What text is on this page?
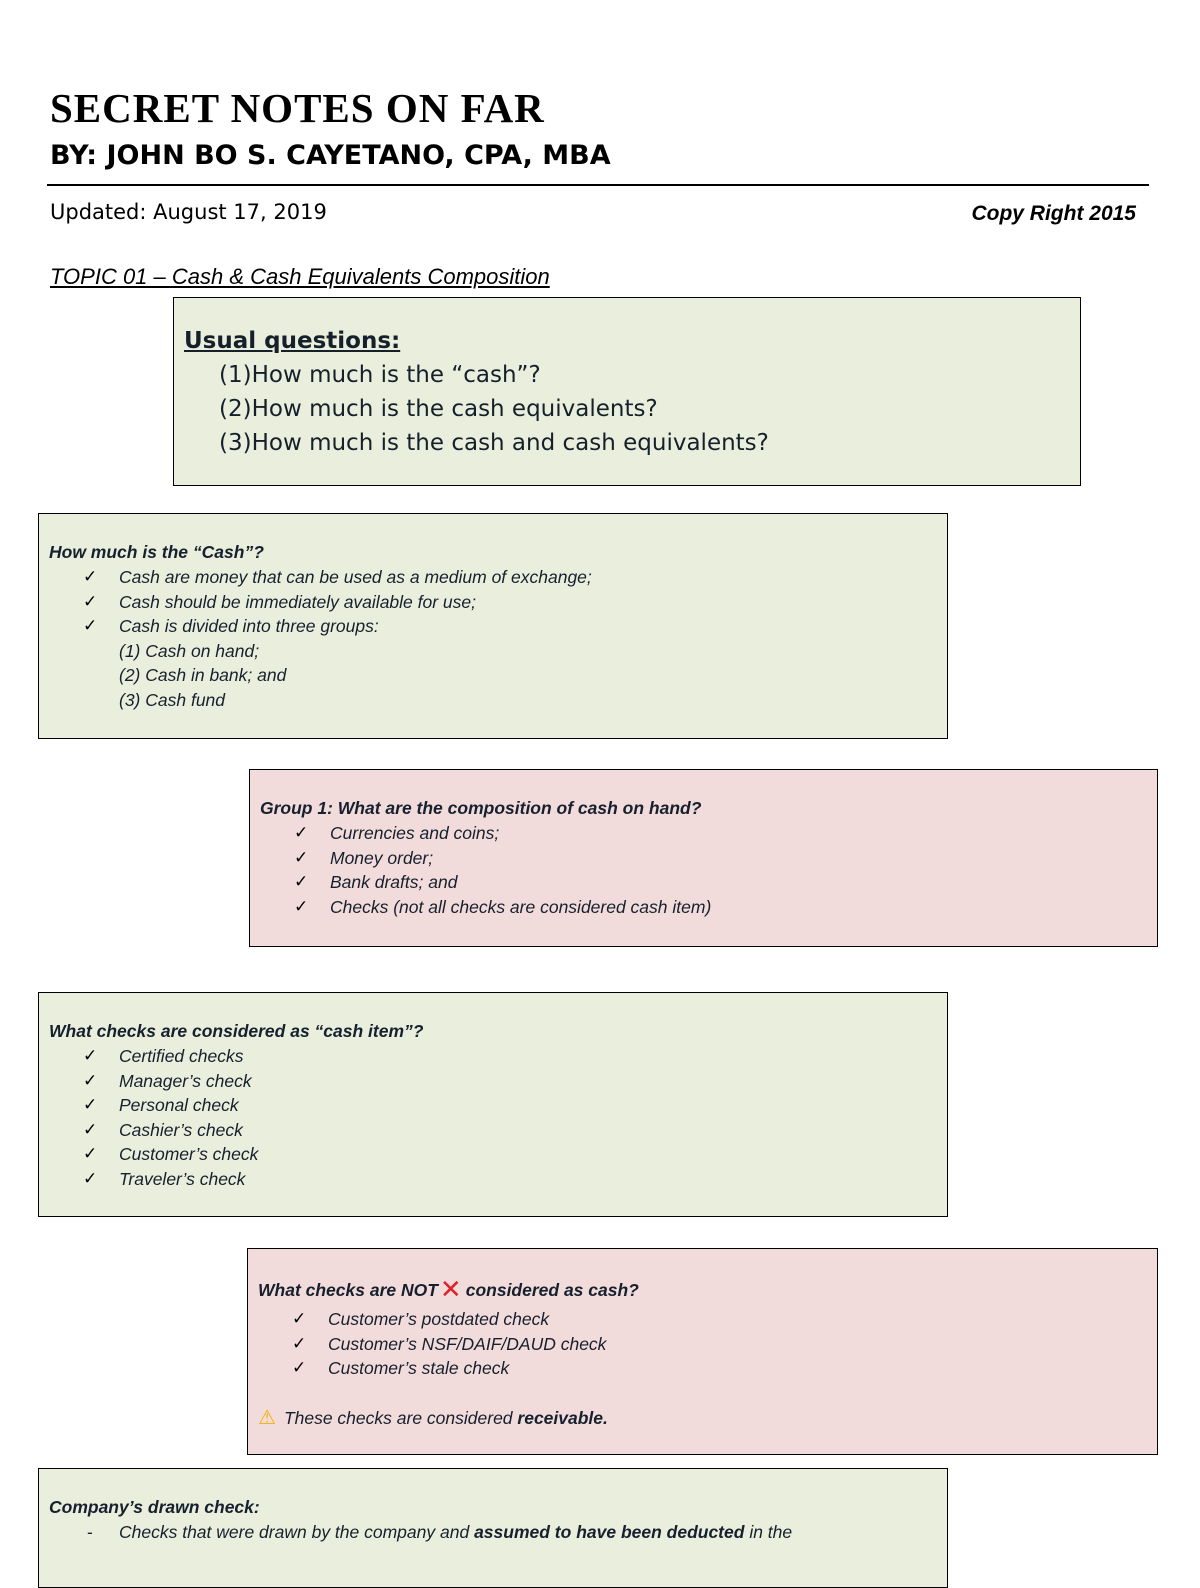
SECRET NOTES ON FAR
BY: JOHN BO S. CAYETANO, CPA, MBA
Updated: August 17, 2019	Copy Right 2015
TOPIC 01 – Cash & Cash Equivalents Composition
Usual questions:
(1)How much is the “cash”?
(2)How much is the cash equivalents?
(3)How much is the cash and cash equivalents?
How much is the “Cash”?
✓ Cash are money that can be used as a medium of exchange;
✓ Cash should be immediately available for use;
✓ Cash is divided into three groups:
(1) Cash on hand;
(2) Cash in bank; and
(3) Cash fund
Group 1: What are the composition of cash on hand?
✓ Currencies and coins;
✓ Money order;
✓ Bank drafts; and
✓ Checks (not all checks are considered cash item)
What checks are considered as “cash item”?
✓ Certified checks
✓ Manager’s check
✓ Personal check
✓ Cashier’s check
✓ Customer’s check
✓ Traveler’s check
What checks are NOT✕ considered as cash?
✓ Customer’s postdated check
✓ Customer’s NSF/DAIF/DAUD check
✓ Customer’s stale check
⚠ These checks are considered receivable.
Company’s drawn check:
- Checks that were drawn by the company and assumed to have been deducted in the
